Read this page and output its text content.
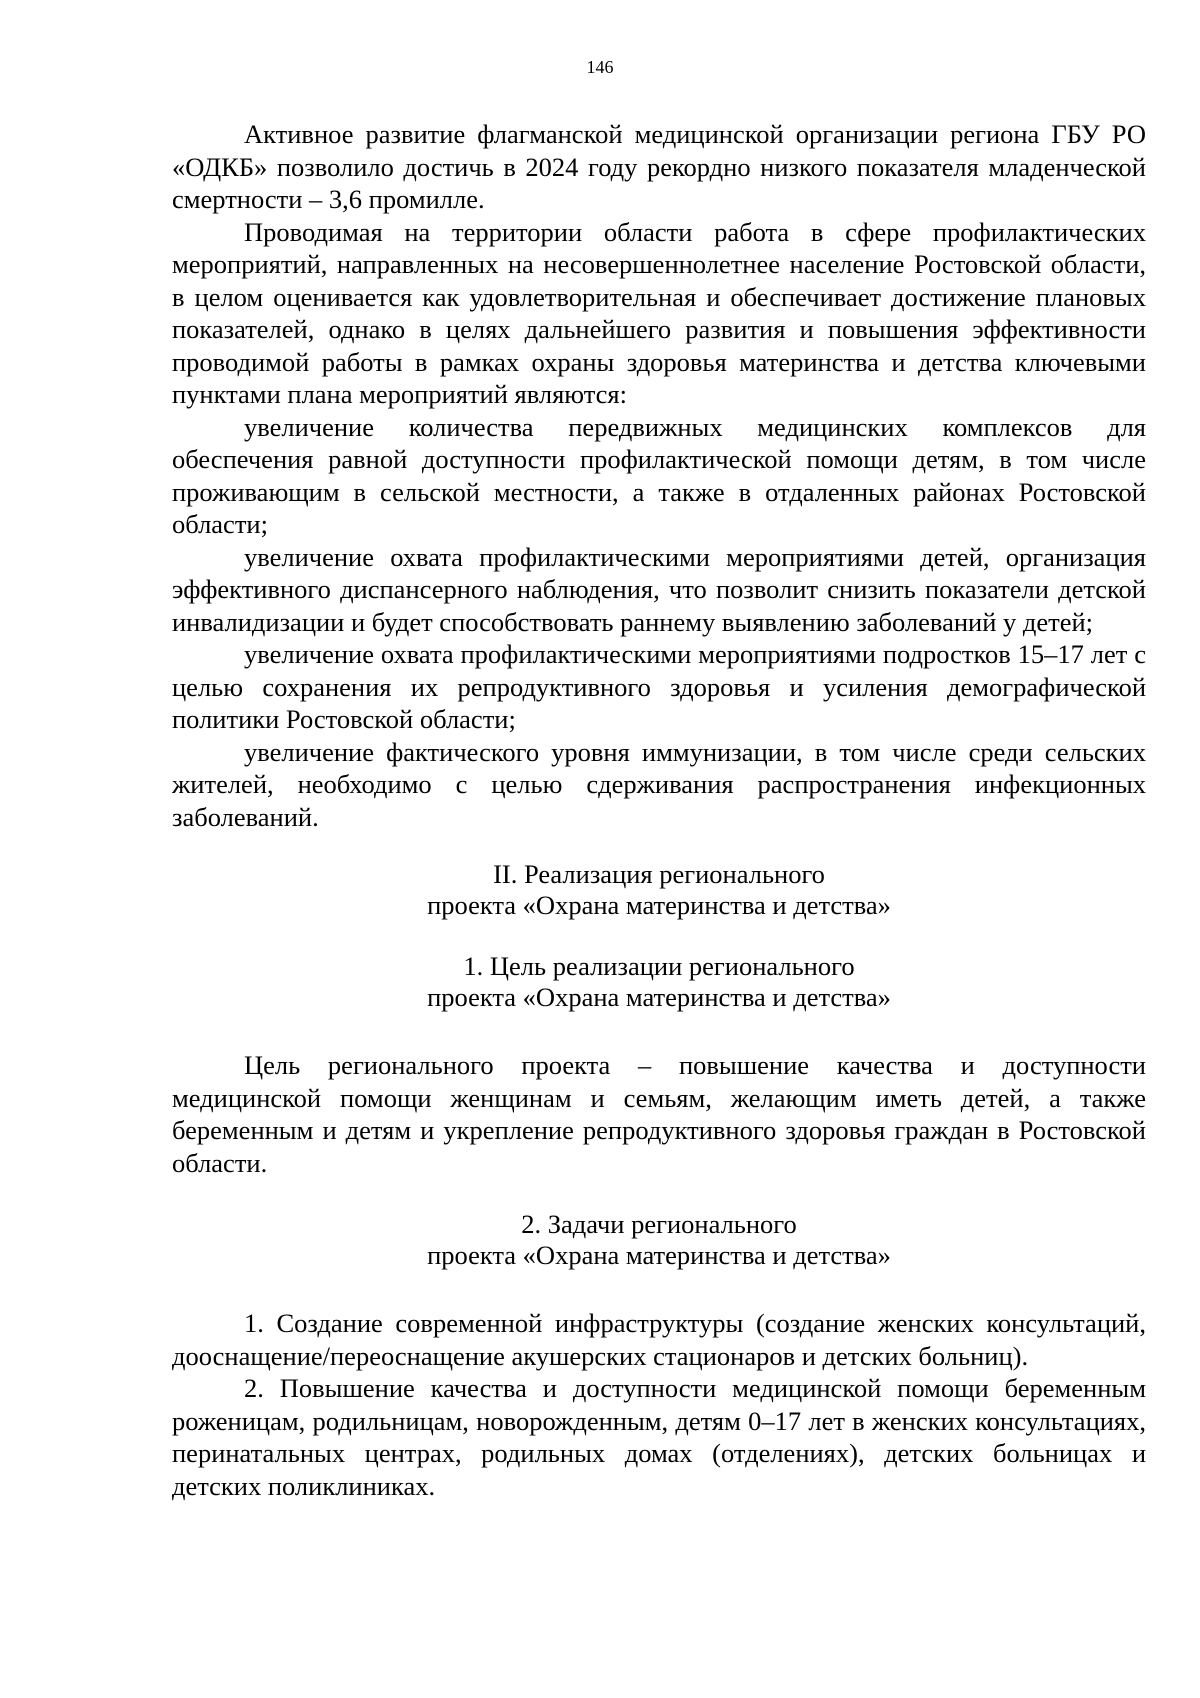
146

Активное развитие флагманской медицинской организации региона ГБУ РО «ОДКБ» позволило достичь в 2024 году рекордно низкого показателя младенческой смертности – 3,6 промилле.

Проводимая на территории области работа в сфере профилактических мероприятий, направленных на несовершеннолетнее население Ростовской области, в целом оценивается как удовлетворительная и обеспечивает достижение плановых показателей, однако в целях дальнейшего развития и повышения эффективности проводимой работы в рамках охраны здоровья материнства и детства ключевыми пунктами плана мероприятий являются:

увеличение количества передвижных медицинских комплексов для обеспечения равной доступности профилактической помощи детям, в том числе проживающим в сельской местности, а также в отдаленных районах Ростовской области;

увеличение охвата профилактическими мероприятиями детей, организация эффективного диспансерного наблюдения, что позволит снизить показатели детской инвалидизации и будет способствовать раннему выявлению заболеваний у детей;

увеличение охвата профилактическими мероприятиями подростков 15–17 лет с целью сохранения их репродуктивного здоровья и усиления демографической политики Ростовской области;

увеличение фактического уровня иммунизации, в том числе среди сельских жителей, необходимо с целью сдерживания распространения инфекционных заболеваний.

II. Реализация регионального
проекта «Охрана материнства и детства»
1. Цель реализации регионального
проекта «Охрана материнства и детства»

Цель регионального проекта – повышение качества и доступности медицинской помощи женщинам и семьям, желающим иметь детей, а также беременным и детям и укрепление репродуктивного здоровья граждан в Ростовской области.

2. Задачи регионального
проекта «Охрана материнства и детства»

1. Создание современной инфраструктуры (создание женских консультаций, дооснащение/переоснащение акушерских стационаров и детских больниц).

2. Повышение качества и доступности медицинской помощи беременным роженицам, родильницам, новорожденным, детям 0–17 лет в женских консультациях, перинатальных центрах, родильных домах (отделениях), детских больницах и детских поликлиниках.
